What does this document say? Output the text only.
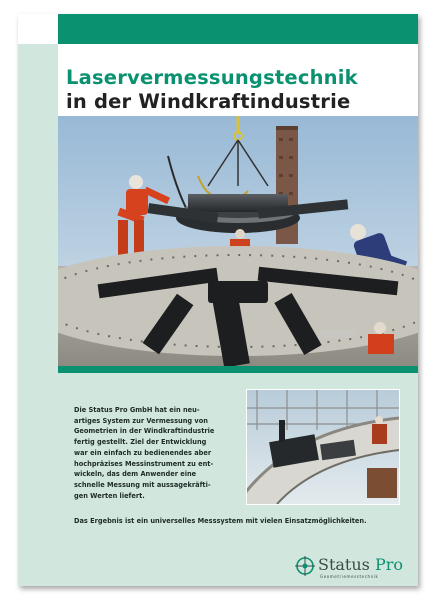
Laservermessungstechnik
in der Windkraftindustrie
Die Status Pro GmbH hat ein neu-
artiges System zur Vermessung von
Geometrien in der Windkraftindustrie
fertig gestellt. Ziel der Entwicklung
war ein einfach zu bedienendes aber
hochpräzises Messinstrument zu ent-
wickeln, das dem Anwender eine
schnelle Messung mit aussagekräfti-
gen Werten liefert.
Das Ergebnis ist ein universelles Messsystem mit vielen Einsatzmöglichkeiten.
Status Pro
Geometriemesstechnik
